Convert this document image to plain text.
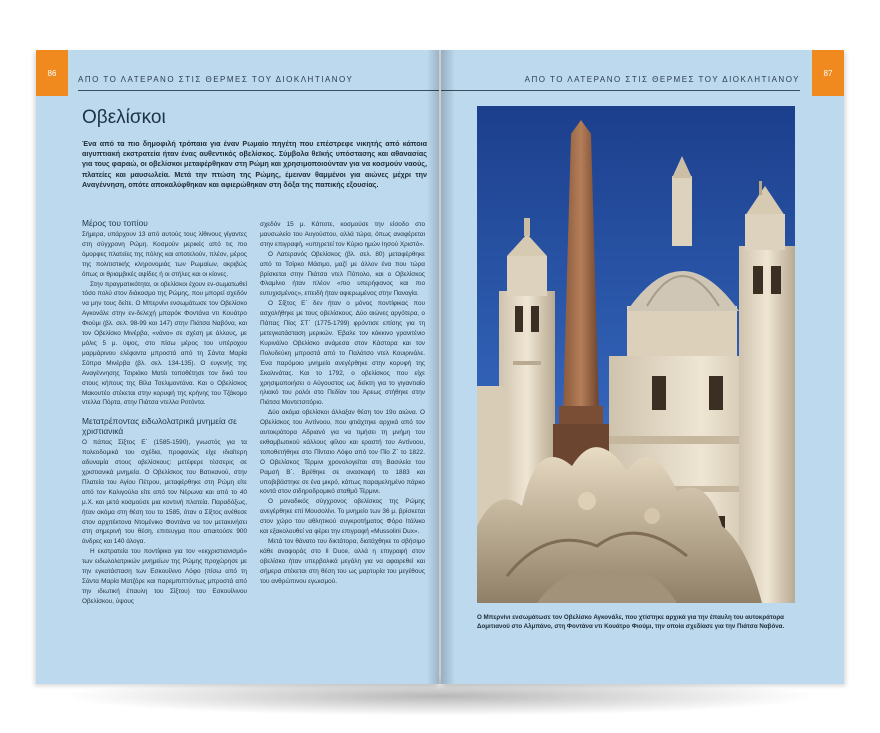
86
ΑΠΟ ΤΟ ΛΑΤΕΡΑΝΟ ΣΤΙΣ ΘΕΡΜΕΣ ΤΟΥ ΔΙΟΚΛΗΤΙΑΝΟΥ
Οβελίσκοι

Ένα από τα πιο δημοφιλή τρόπαια για έναν Ρωμαίο πηγέτη που επέστρεφε νικητής από κάποια αιγυπτιακή εκστρατεία ήταν ένας αυθεντικός οβελίσκος. Σύμβολα θεϊκής υπόστασης και αθανασίας για τους φαραώ, οι οβελίσκοι μεταφέρθηκαν στη Ρώμη και χρησιμοποιούνταν για να κοσμούν ναούς, πλατείες και μαυσωλεία. Μετά την πτώση της Ρώμης, έμειναν θαμμένοι για αιώνες μέχρι την Αναγέννηση, οπότε αποκαλύφθηκαν και αφιερώθηκαν στη δόξα της παπικής εξουσίας.

Μέρος του τοπίου

Σήμερα, υπάρχουν 13 από αυτούς τους λίθινους γίγαντες στη σύγχρονη Ρώμη. Κοσμούν μερικές από τις πιο όμορφες πλατείες της πόλης και αποτελούν, πλέον, μέρος της πολιτιστικής κληρονομιάς των Ρωμαίων, ακριβώς όπως οι θριαμβικές αψίδες ή οι στήλες και οι κίονες.

Στην πραγματικότητα, οι οβελίσκοι έχουν εν-σωματωθεί τόσο πολύ στον διάκοσμο της Ρώμης, που μπορεί σχεδόν να μην τους δείτε. Ο Μπερνίνι ενσωμάτωσε τον Οβελίσκο Αγκονάλε στην εν-δελεχή μπαρόκ Φοντάνα ντι Κουάτρο Φιούμι (βλ. σελ. 98-99 και 147) στην Πιάτσα Ναβόνα, και τον Οβελίσκο Μινέρβα, «νάνο» σε σχέση με άλλους, με μόλις 5 μ. ύψος, στο πίσω μέρος του υπέροχου μαρμάρινου ελέφαντα μπροστά από τη Σάντα Μαρία Σόπρα Μινέρβα (βλ. σελ. 134-135). Ο ευγενής της Αναγέννησης Τσιριάκο Ματέι τοποθέτησε τον δικό του στους κήπους της Βίλα Τσελιμοντάνα. Και ο Οβελίσκος Μακουτέο στέκεται στην κορυφή της κρήνης του Τζάκομο ντελλα Πόρτα, στην Πιάτσα ντελλα Ροτόντα.

Μετατρέποντας ειδωλολατρικά μνημεία σε χριστιανικά

Ο πάπας Σίξτος Ε΄ (1585-1590), γνωστός για τα πολεοδομικά του σχέδια, προφανώς είχε ιδιαίτερη αδυναμία στους οβελίσκους: μετέφερε τέσσερις σε χριστιανικά μνημεία. Ο Οβελίσκος του Βατικανού, στην Πλατεία του Αγίου Πέτρου, μεταφέρθηκε στη Ρώμη είτε από τον Καλιγούλα είτε από τον Νέρωνα και από το 40 μ.Χ. και μετά κοσμούσε μια κοντινή πλατεία. Παραδόξως, ήταν ακόμα στη θέση του το 1585, όταν ο Σίξτος ανέθεσε στον αρχιτέκτονα Ντομένικο Φοντάνα να τον μετακινήσει στη σημερινή του θέση, επιτευγμα που απαιτούσε 900 άνδρες και 140 άλογα.

Η εκστρατεία του ποντίφικα για τον «εκχριστιανισμό» των ειδωλολατρικών μνημείων της Ρώμης προχώρησε με την εγκατάσταση των Εσκουίλινο Λόφο (πίσω από τη Σάντα Μαρία Ματζόρε και παρεμπιπτόντως μπροστά από την ιδιωτική έπαυλη του Σίξτου) του Εσκουίλινου Οβελίσκου, ύψους

σχεδόν 15 μ. Κάποτε, κοσμούσε την είσοδο στο μαυσωλείο του Αυγούστου, αλλά τώρα, όπως αναφέρεται στην επιγραφή, «υπηρετεί τον Κύριο ημών Ιησού Χριστό».

Ο Λατερανός Οβελίσκος (βλ. σελ. 80) μεταφέρθηκε από το Τσίρκο Μάσιμο, μαζί με άλλον ένα που τώρα βρίσκεται στην Πιάτσα ντελ Πόπολο, και ο Οβελίσκος Φλαμίνιο ήταν πλέον «πιο υπερήφανος και πιο ευτυχισμένος», επειδή ήταν αφιερωμένος στην Παναγία.

Ο Σίξτος Ε΄ δεν ήταν ο μόνος ποντίφικας που ασχολήθηκε με τους οβελίσκους. Δύο αιώνες αργότερα, ο Πάπας Πίος ΣΤ΄ (1775-1799) φρόντισε επίσης για τη μετεγκατάσταση μερικών. Έβαλε τον κόκκινο γρανιτένιο Κυρινάλιο Οβελίσκο ανάμεσα στον Κάστορα και τον Πολυδεύκη μπροστά από το Παλάτσο ντελ Κουιρινάλε. Ένα παρόμοιο μνημείο ανεγέρθηκε στην κορυφή της Σκαλινάτας. Και το 1792, ο οβελίσκος που είχε χρησιμοποιήσει ο Αύγουστος ως δείκτη για το γιγαντιαίο ηλιακό του ρολόι στο Πεδίον του Άρεως στήθηκε στην Πιάτσα Μοντετσιτόριο.

Δύο ακόμα οβελίσκοι άλλαξαν θέση τον 19ο αιώνα. Ο Οβελίσκος του Αντίνοου, που φτιάχτηκε αρχικά από τον αυτοκράτορα Αδριανό για να τιμήσει τη μνήμη του εκθαμβωτικού κάλλους φίλου και εραστή του Αντίνοου, τοποθετήθηκε στο Πίντσιο Λόφο από τον Πίο Ζ΄ το 1822. Ο Οβελίσκος Τέρμινι χρονολογείται στη Βασιλεία του Ραμσή Β΄. Βρέθηκε σε ανασκαφή το 1883 και υποβιβάστηκε σε ένα μικρό, κάπως παραμελημένο πάρκο κοντά στον σιδηροδρομικό σταθμό Τέρμινι.

Ο μοναδικός σύγχρονος οβελίσκος της Ρώμης ανεγέρθηκε επί Μουσολίνι. Το μνημείο των 36 μ. βρίσκεται στον χώρο του αθλητικού συγκροτήματος Φόρο Ιτάλικο και εξακολουθεί να φέρει την επιγραφή «Mussolini Dux».

Μετά τον θάνατο του δικτάτορα, διατάχθηκε το σβήσιμο κάθε αναφοράς στο Il Duce, αλλά η επιγραφή στον οβελίσκο ήταν υπερβολικά μεγάλη για να αφαιρεθεί και σήμερα στέκεται στη θέση του ως μαρτυρία του μεγέθους του ανθρώπινου εγωισμού.

87
ΑΠΟ ΤΟ ΛΑΤΕΡΑΝΟ ΣΤΙΣ ΘΕΡΜΕΣ ΤΟΥ ΔΙΟΚΛΗΤΙΑΝΟΥ

Ο Μπερνίνι ενσωμάτωσε τον Οβελίσκο Αγκονάλε, που χτίστηκε αρχικά για την έπαυλη του αυτοκράτορα Δομιτιανού στο Αλμπάνο, στη Φοντάνα ντι Κουάτρο Φιούμι, την οποία σχεδίασε για την Πιάτσα Ναβόνα.
